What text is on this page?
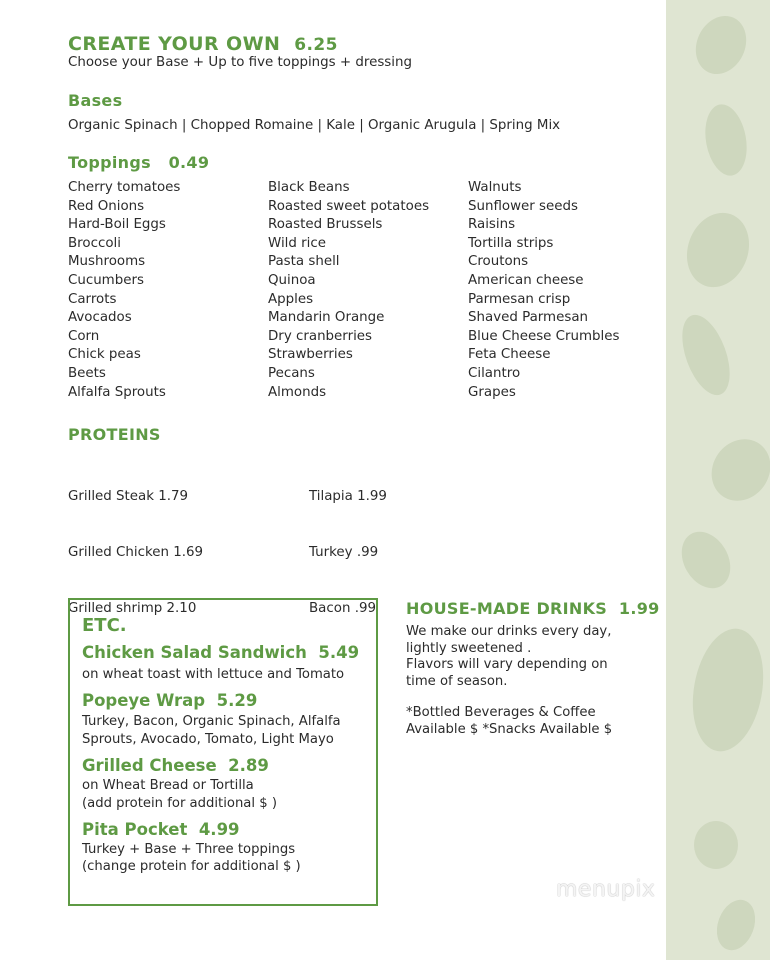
CREATE YOUR OWN 6.25
Choose your Base + Up to five toppings + dressing
Bases
Organic Spinach | Chopped Romaine | Kale | Organic Arugula | Spring Mix
Toppings 0.49
Cherry tomatoes
Red Onions
Hard-Boil Eggs
Broccoli
Mushrooms
Cucumbers
Carrots
Avocados
Corn
Chick peas
Beets
Alfalfa Sprouts
Black Beans
Roasted sweet potatoes
Roasted Brussels
Wild rice
Pasta shell
Quinoa
Apples
Mandarin Orange
Dry cranberries
Strawberries
Pecans
Almonds
Walnuts
Sunflower seeds
Raisins
Tortilla strips
Croutons
American cheese
Parmesan crisp
Shaved Parmesan
Blue Cheese Crumbles
Feta Cheese
Cilantro
Grapes
PROTEINS

Grilled Steak 1.79

Grilled Chicken 1.69

Grilled shrimp 2.10

Tilapia 1.99

Turkey .99

Bacon .99

ETC.
Chicken Salad Sandwich  5.49
on wheat toast with lettuce and Tomato
Popeye Wrap  5.29
Turkey, Bacon, Organic Spinach, Alfalfa
Sprouts, Avocado, Tomato, Light Mayo
Grilled Cheese  2.89
on Wheat Bread or Tortilla
(add protein for additional $ )
Pita Pocket  4.99
Turkey + Base + Three toppings
(change protein for additional $ )
HOUSE-MADE DRINKS 1.99
We make our drinks every day,
lightly sweetened .
Flavors will vary depending on
time of season.
*Bottled Beverages & Coffee
Available $ *Snacks Available $
menupix
